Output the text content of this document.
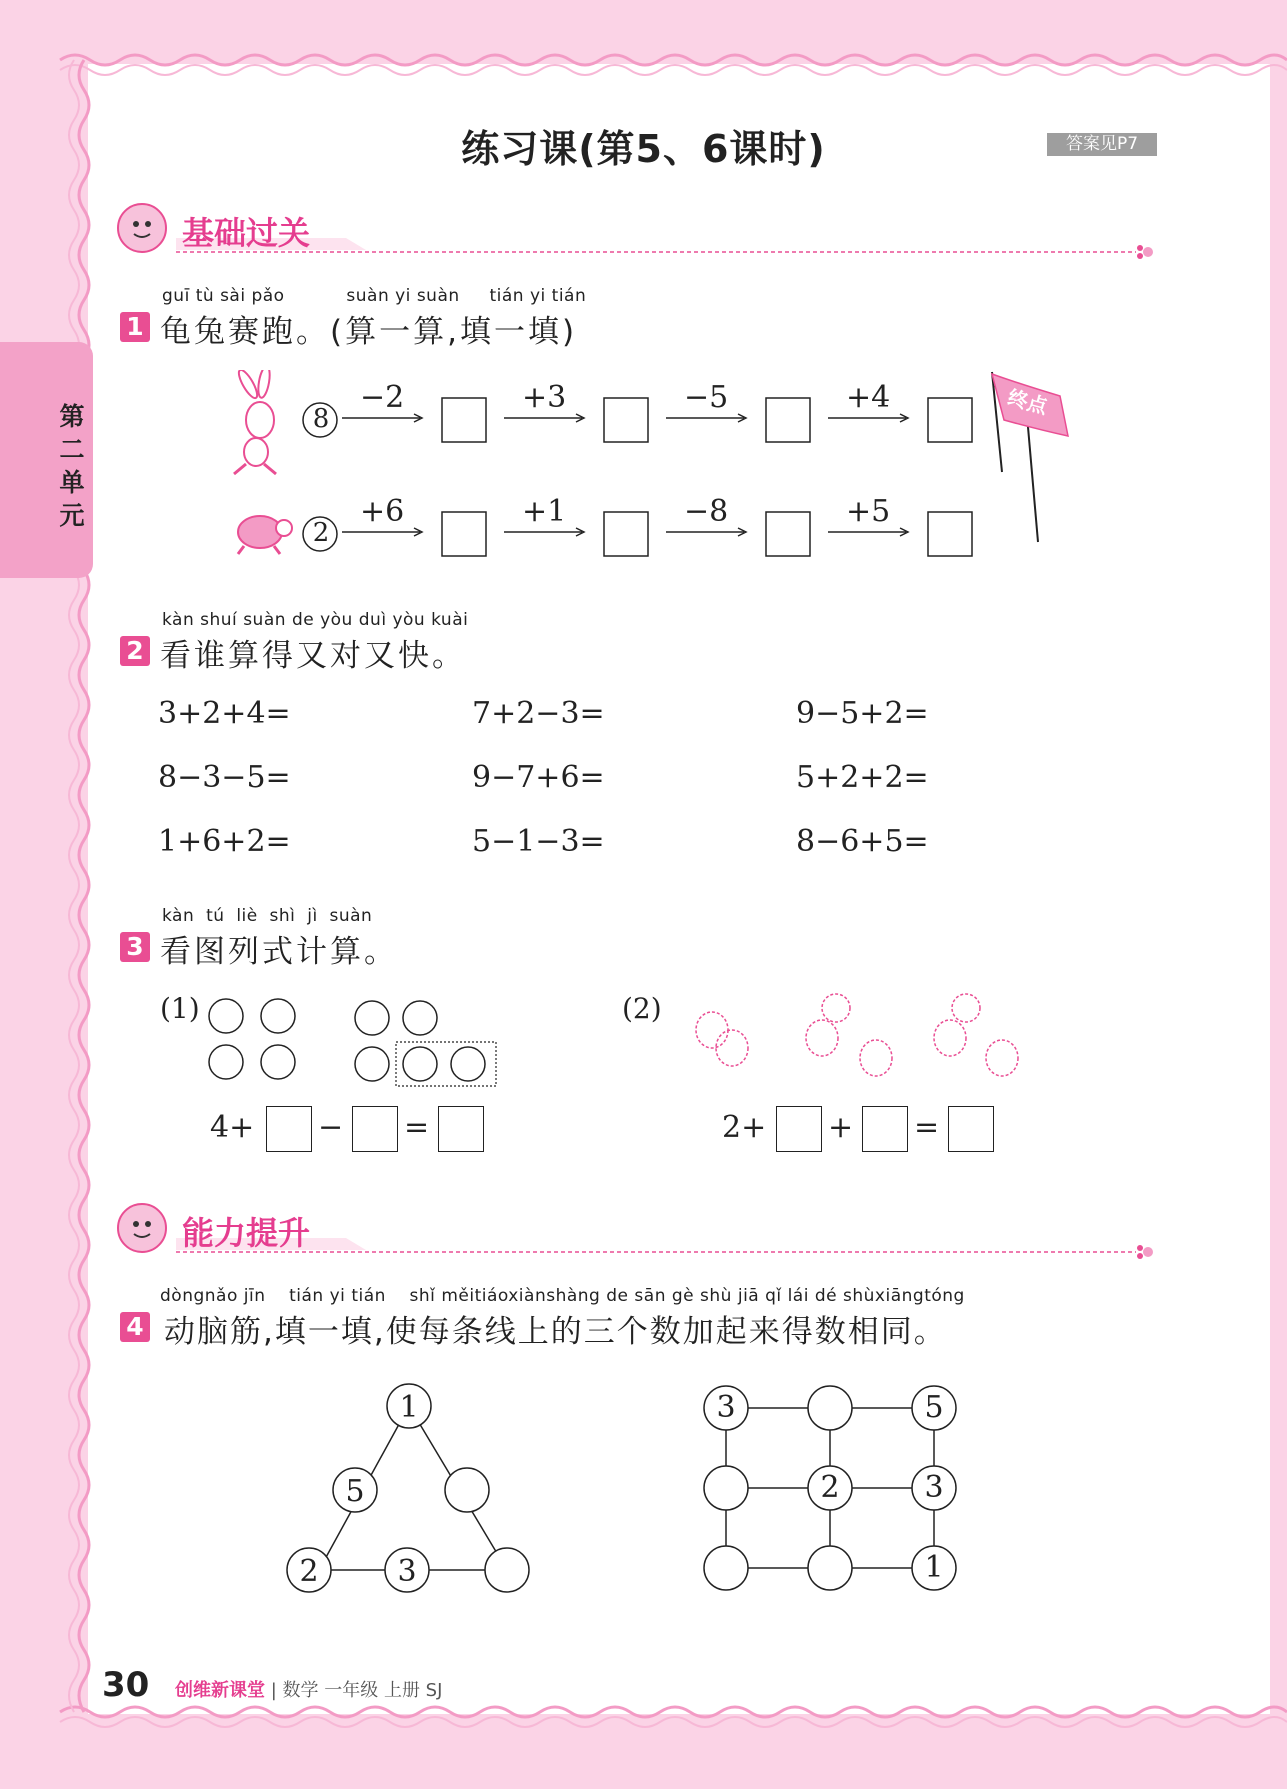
第二单元
练习课(第5、6课时)	答案见P7
基础过关
guī tù sài pǎo	suàn yi suàn tián yi tián
1 龟兔赛跑。(算一算,填一填)
8
2
终点
−2	+3	−5	+4
+6	+1	−8	+5
kàn shuí suàn de yòu duì yòu kuài
2 看谁算得又对又快。
3+2+4=	7+2−3=	9−5+2=
8−3−5=	9−7+6=	5+2+2=
1+6+2=	5−1−3=	8−6+5=
kàn tú liè shì jì suàn
3 看图列式计算。
(1)
4+ − =
(2)
2+ + =
能力提升
dòngnǎo jīn tián yi tián shǐ měitiáoxiànshàng de sān gè shù jiā qǐ lái dé shùxiāngtóng
4 动脑筋,填一填,使每条线上的三个数加起来得数相同。
1
5
2	3
3	5
2	3
1
30 创维新课堂 | 数学 一年级 上册 SJ
